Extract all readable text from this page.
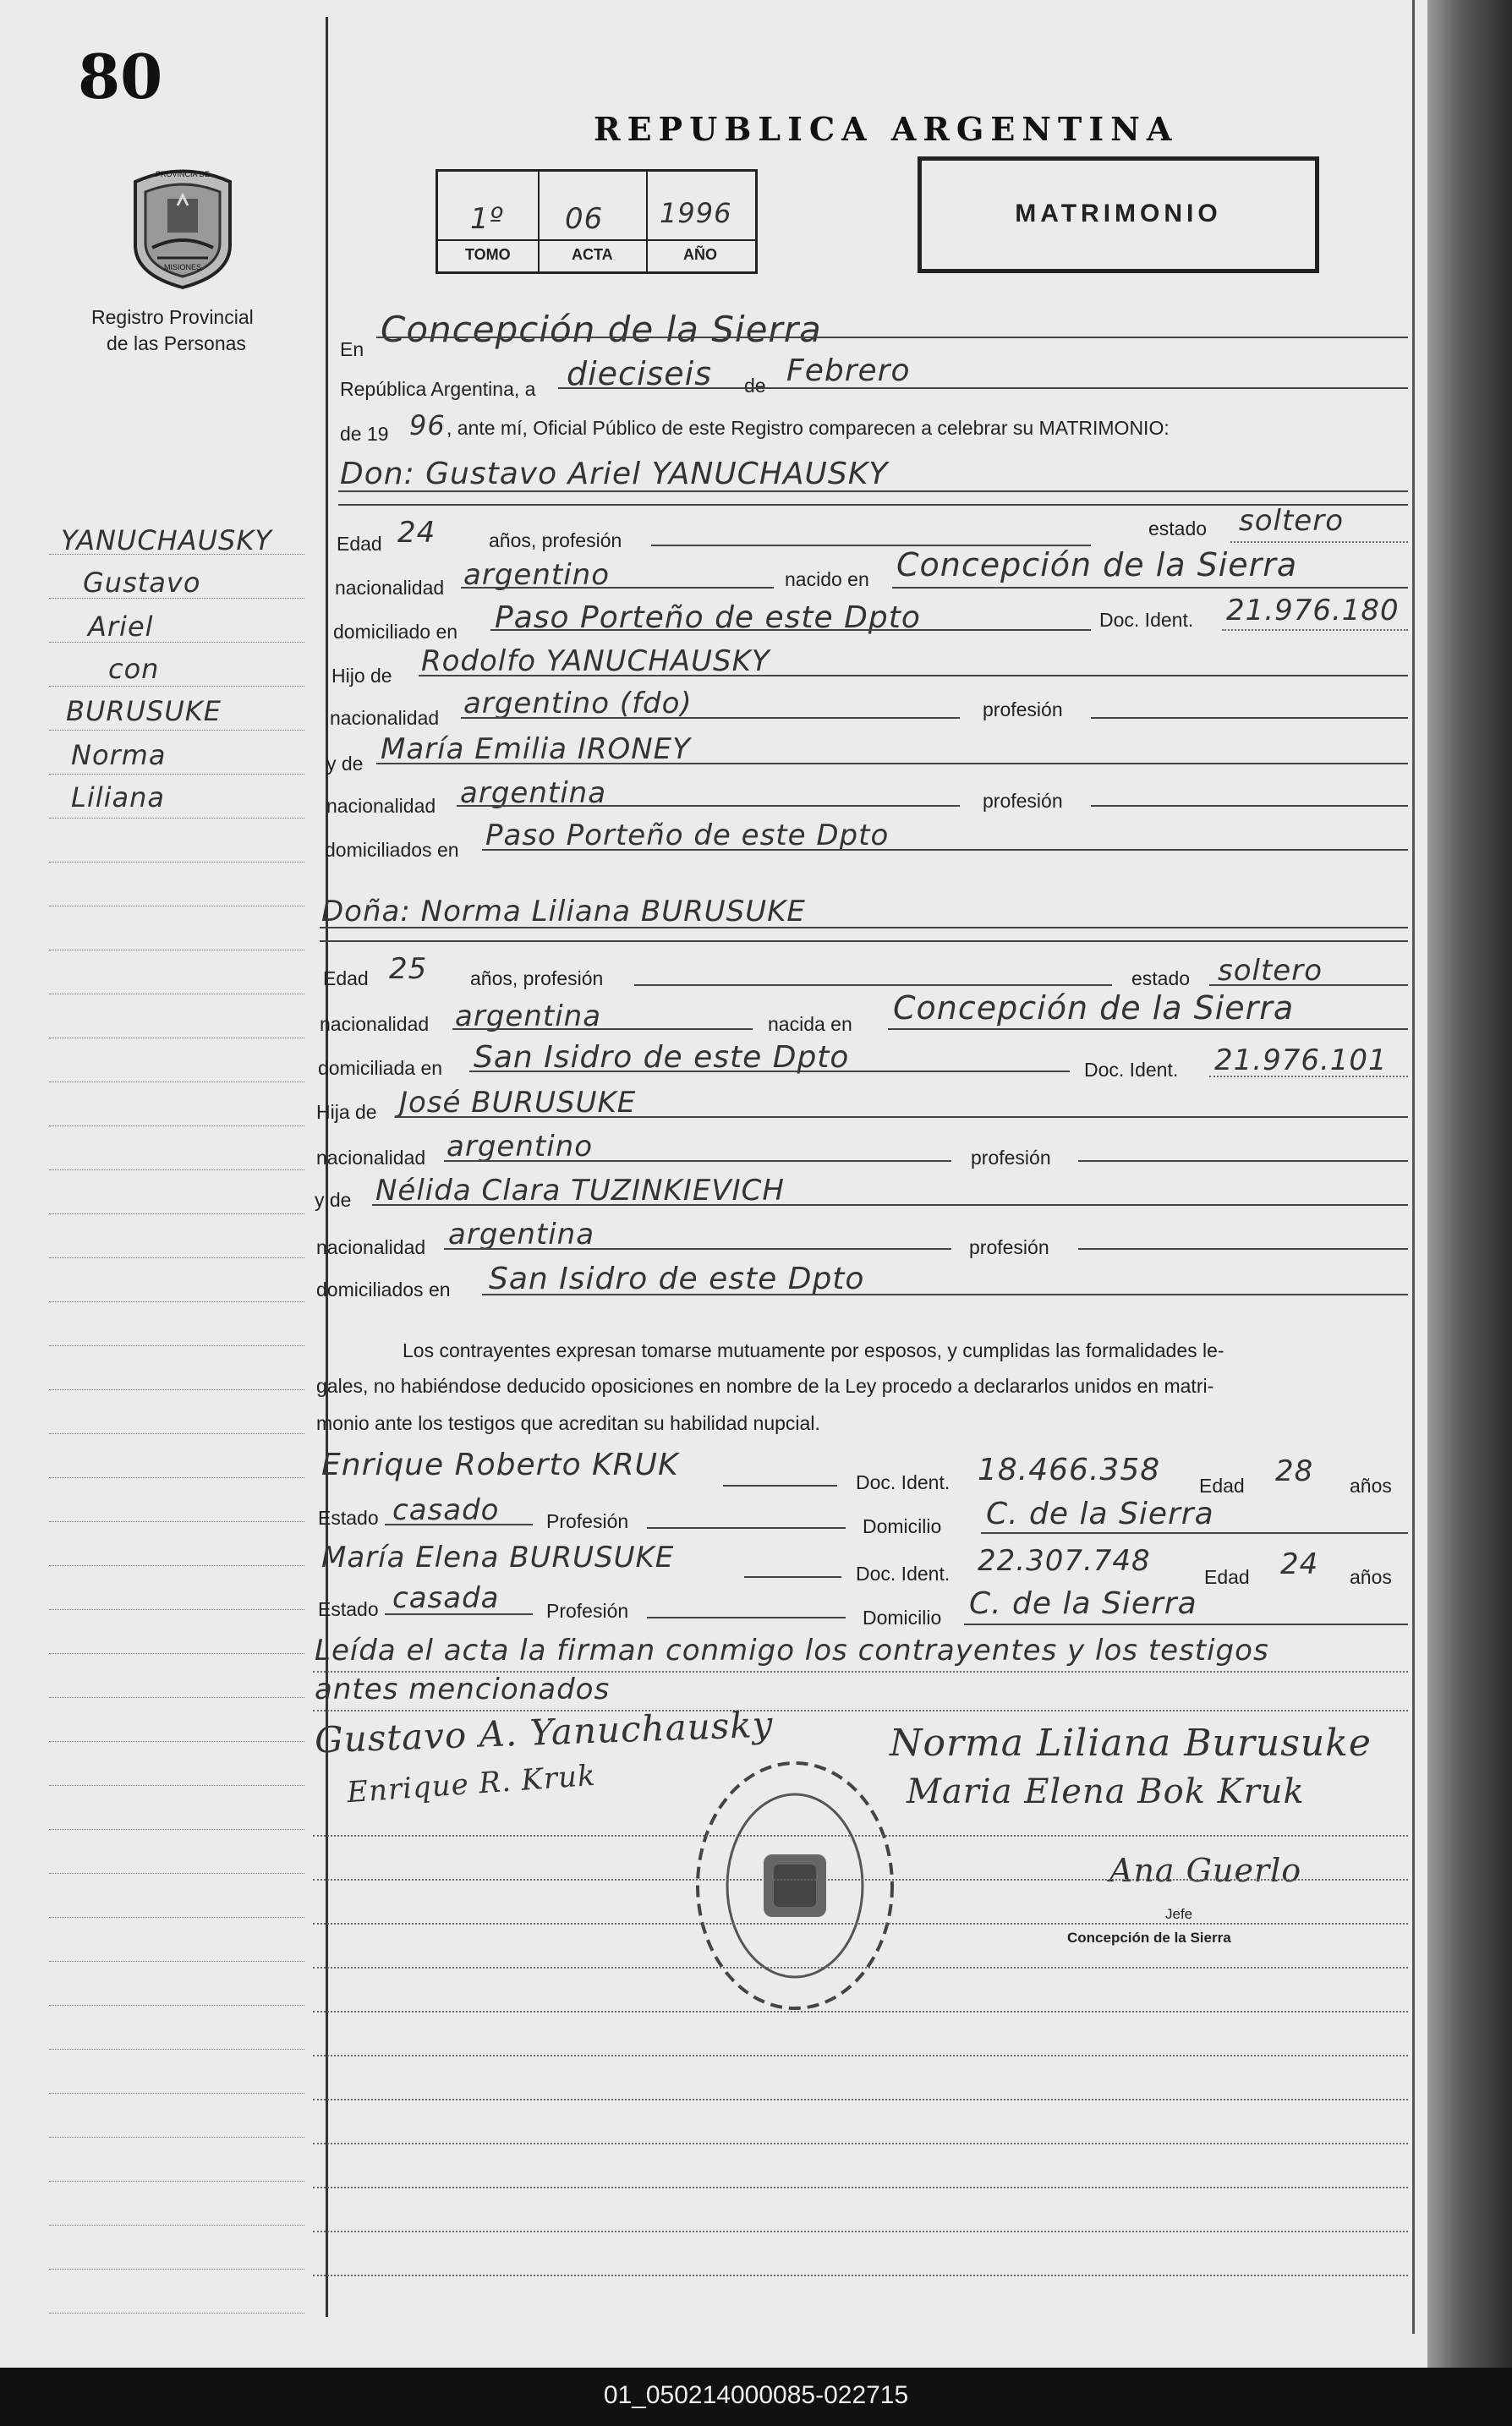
80
PROVINCIA DE
MISIONES
Registro Provincial
de las Personas
REPUBLICA ARGENTINA
1º 06 1996
TOMO	ACTA	AÑO
MATRIMONIO
YANUCHAUSKY
Gustavo
Ariel
con
BURUSUKE
Norma
Liliana
En Concepción de la Sierra
República Argentina, a dieciseis de Febrero
de 19 96 , ante mí, Oficial Público de este Registro comparecen a celebrar su MATRIMONIO:
Don: Gustavo Ariel YANUCHAUSKY
Edad 24	años, profesión
estado soltero
nacionalidad argentino	nacido en Concepción de la Sierra
domiciliado en Paso Porteño de este Dpto	Doc. Ident. 21.976.180
Hijo de Rodolfo YANUCHAUSKY
nacionalidad argentino (fdo)	profesión
y de María Emilia IRONEY
nacionalidad argentina	profesión
domiciliados en Paso Porteño de este Dpto
Doña: Norma Liliana BURUSUKE
Edad 25 años, profesión	estado soltero
nacionalidad argentina	nacida en Concepción de la Sierra
domiciliada en San Isidro de este Dpto	Doc. Ident. 21.976.101
Hija de José BURUSUKE
nacionalidad argentino	profesión
y de Nélida Clara TUZINKIEVICH
nacionalidad argentina	profesión
domiciliados en San Isidro de este Dpto
Los contrayentes expresan tomarse mutuamente por esposos, y cumplidas las formalidades le-
gales, no habiéndose deducido oposiciones en nombre de la Ley procedo a declararlos unidos en matri-
monio ante los testigos que acreditan su habilidad nupcial.
Enrique Roberto KRUK	Doc. Ident. 18.466.358 Edad 28 años
Estado casado Profesión	Domicilio C. de la Sierra
María Elena BURUSUKE	Doc. Ident. 22.307.748	Edad 24 años
Estado casada Profesión	Domicilio C. de la Sierra
Leída el acta la firman conmigo los contrayentes y los testigos
antes mencionados
Gustavo A. Yanuchausky
Enrique R. Kruk
Norma Liliana Burusuke
Maria Elena Bok Kruk
Ana Guerlo
Jefe
Concepción de la Sierra
01_050214000085-022715
